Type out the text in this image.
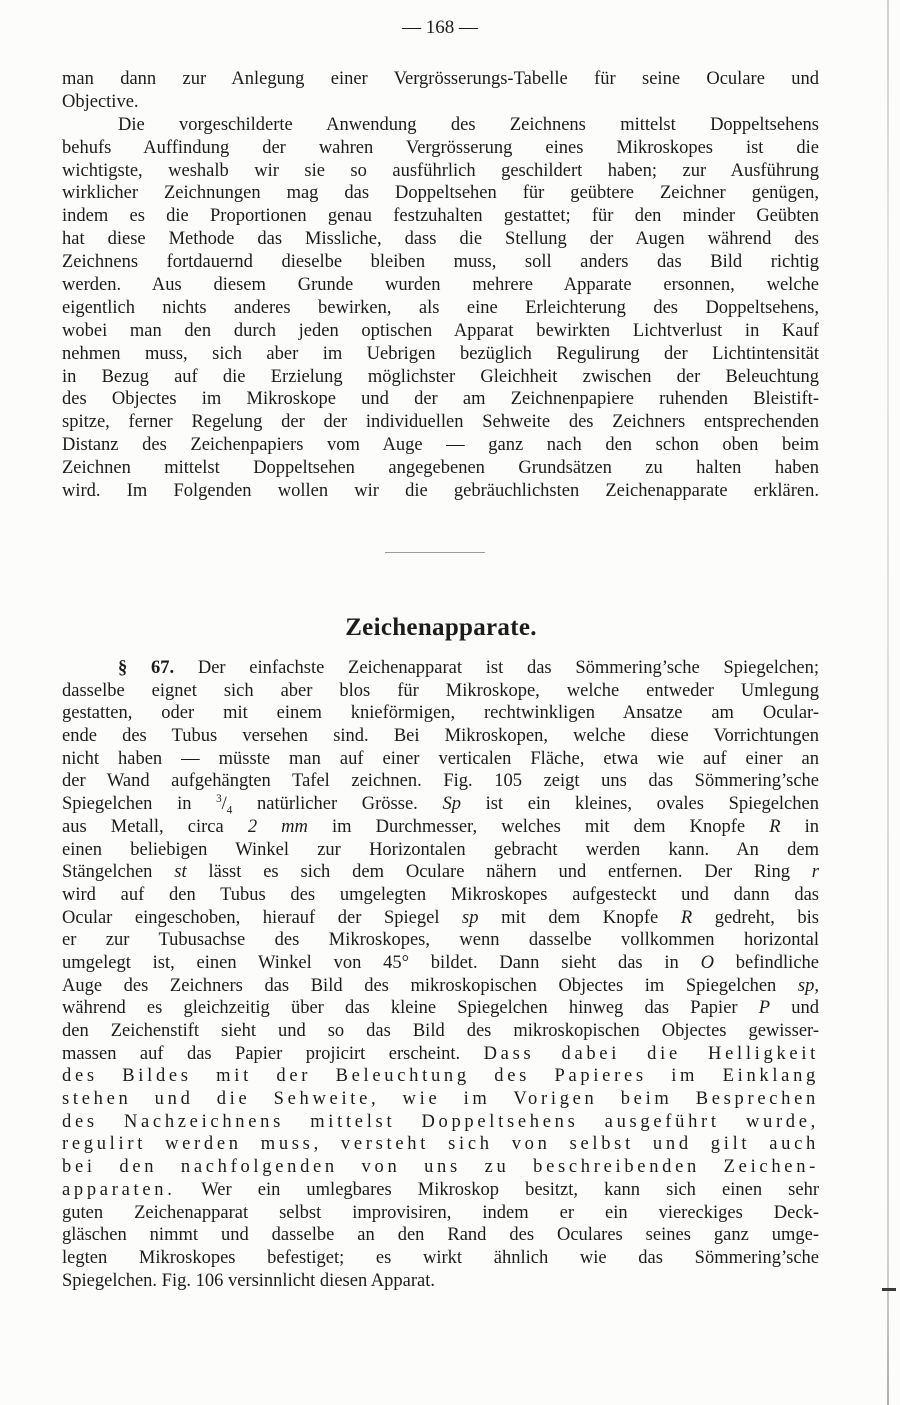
— 168 —
man dann zur Anlegung einer Vergrösserungs-Tabelle für seine Oculare und
Objective.
Die vorgeschilderte Anwendung des Zeichnens mittelst Doppeltsehens
behufs Auffindung der wahren Vergrösserung eines Mikroskopes ist die
wichtigste, weshalb wir sie so ausführlich geschildert haben; zur Ausführung
wirklicher Zeichnungen mag das Doppeltsehen für geübtere Zeichner genügen,
indem es die Proportionen genau festzuhalten gestattet; für den minder Geübten
hat diese Methode das Missliche, dass die Stellung der Augen während des
Zeichnens fortdauernd dieselbe bleiben muss, soll anders das Bild richtig
werden. Aus diesem Grunde wurden mehrere Apparate ersonnen, welche
eigentlich nichts anderes bewirken, als eine Erleichterung des Doppeltsehens,
wobei man den durch jeden optischen Apparat bewirkten Lichtverlust in Kauf
nehmen muss, sich aber im Uebrigen bezüglich Regulirung der Lichtintensität
in Bezug auf die Erzielung möglichster Gleichheit zwischen der Beleuchtung
des Objectes im Mikroskope und der am Zeichnenpapiere ruhenden Bleistift-
spitze, ferner Regelung der der individuellen Sehweite des Zeichners entsprechenden
Distanz des Zeichenpapiers vom Auge — ganz nach den schon oben beim
Zeichnen mittelst Doppeltsehen angegebenen Grundsätzen zu halten haben
wird. Im Folgenden wollen wir die gebräuchlichsten Zeichenapparate erklären.
Zeichenapparate.
§ 67. Der einfachste Zeichenapparat ist das Sömmering’sche Spiegelchen;
dasselbe eignet sich aber blos für Mikroskope, welche entweder Umlegung
gestatten, oder mit einem knieförmigen, rechtwinkligen Ansatze am Ocular-
ende des Tubus versehen sind. Bei Mikroskopen, welche diese Vorrichtungen
nicht haben — müsste man auf einer verticalen Fläche, etwa wie auf einer an
der Wand aufgehängten Tafel zeichnen. Fig. 105 zeigt uns das Sömmering’sche
Spiegelchen in $^3/_4$ natürlicher Grösse. Sp ist ein kleines, ovales Spiegelchen
aus Metall, circa 2 mm im Durchmesser, welches mit dem Knopfe R in
einen beliebigen Winkel zur Horizontalen gebracht werden kann. An dem
Stängelchen st lässt es sich dem Oculare nähern und entfernen. Der Ring r
wird auf den Tubus des umgelegten Mikroskopes aufgesteckt und dann das
Ocular eingeschoben, hierauf der Spiegel sp mit dem Knopfe R gedreht, bis
er zur Tubusachse des Mikroskopes, wenn dasselbe vollkommen horizontal
umgelegt ist, einen Winkel von 45° bildet. Dann sieht das in O befindliche
Auge des Zeichners das Bild des mikroskopischen Objectes im Spiegelchen sp,
während es gleichzeitig über das kleine Spiegelchen hinweg das Papier P und
den Zeichenstift sieht und so das Bild des mikroskopischen Objectes gewisser-
massen auf das Papier projicirt erscheint. Dass dabei die Helligkeit
des Bildes mit der Beleuchtung des Papieres im Einklang
stehen und die Sehweite, wie im Vorigen beim Besprechen
des Nachzeichnens mittelst Doppeltsehens ausgeführt wurde,
regulirt werden muss, versteht sich von selbst und gilt auch
bei den nachfolgenden von uns zu beschreibenden Zeichen-
apparaten. Wer ein umlegbares Mikroskop besitzt, kann sich einen sehr
guten Zeichenapparat selbst improvisiren, indem er ein viereckiges Deck-
gläschen nimmt und dasselbe an den Rand des Oculares seines ganz umge-
legten Mikroskopes befestiget; es wirkt ähnlich wie das Sömmering’sche
Spiegelchen. Fig. 106 versinnlicht diesen Apparat.
